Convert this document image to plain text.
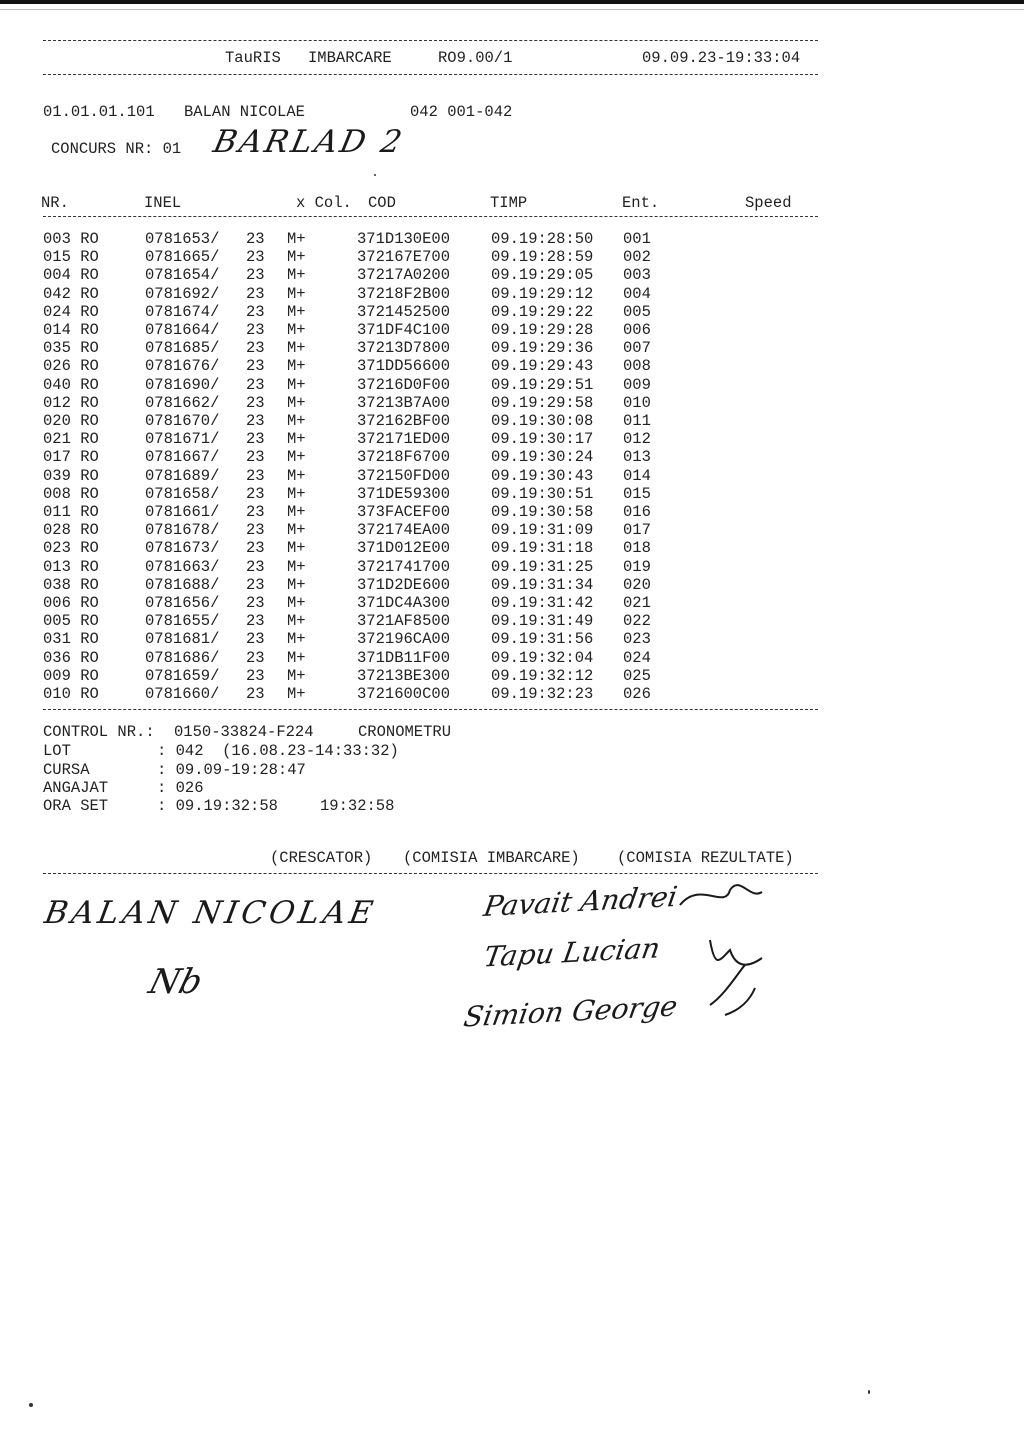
TauRIS IMBARCARE	RO9.00/1	09.09.23-19:33:04
01.01.01.101 BALAN NICOLAE	042 001-042
CONCURS NR: 01 BARLAD 2
NR.	INEL	x Col. COD	TIMP	Ent.	Speed
003 RO	0781653/ 23 M+	371D130E00	09.19:28:50 001
015 RO	0781665/ 23 M+	372167E700	09.19:28:59 002
004 RO	0781654/ 23 M+	37217A0200	09.19:29:05 003
042 RO	0781692/ 23 M+	37218F2B00	09.19:29:12 004
024 RO	0781674/ 23 M+	3721452500	09.19:29:22 005
014 RO	0781664/ 23 M+	371DF4C100	09.19:29:28 006
035 RO	0781685/ 23 M+	37213D7800	09.19:29:36 007
026 RO	0781676/ 23 M+	371DD56600	09.19:29:43 008
040 RO	0781690/ 23 M+	37216D0F00	09.19:29:51 009
012 RO	0781662/ 23 M+	37213B7A00	09.19:29:58 010
020 RO	0781670/ 23 M+	372162BF00	09.19:30:08 011
021 RO	0781671/ 23 M+	372171ED00	09.19:30:17 012
017 RO	0781667/ 23 M+	37218F6700	09.19:30:24 013
039 RO	0781689/ 23 M+	372150FD00	09.19:30:43 014
008 RO	0781658/ 23 M+	371DE59300	09.19:30:51 015
011 RO	0781661/ 23 M+	373FACEF00	09.19:30:58 016
028 RO	0781678/ 23 M+	372174EA00	09.19:31:09 017
023 RO	0781673/ 23 M+	371D012E00	09.19:31:18 018
013 RO	0781663/ 23 M+	3721741700	09.19:31:25 019
038 RO	0781688/ 23 M+	371D2DE600	09.19:31:34 020
006 RO	0781656/ 23 M+	371DC4A300	09.19:31:42 021
005 RO	0781655/ 23 M+	3721AF8500	09.19:31:49 022
031 RO	0781681/ 23 M+	372196CA00	09.19:31:56 023
036 RO	0781686/ 23 M+	371DB11F00	09.19:32:04 024
009 RO	0781659/ 23 M+	37213BE300	09.19:32:12 025
010 RO	0781660/ 23 M+	3721600C00	09.19:32:23 026
CONTROL NR.: 0150-33824-F224	CRONOMETRU
LOT	: 042  (16.08.23-14:33:32)
CURSA	: 09.09-19:28:47
ANGAJAT	: 026
ORA SET	: 09.19:32:58	19:32:58
(CRESCATOR) (COMISIA IMBARCARE) (COMISIA REZULTATE)
BALAN NICOLAE
Nb
Pavait Andrei
Tapu Lucian
Simion George
